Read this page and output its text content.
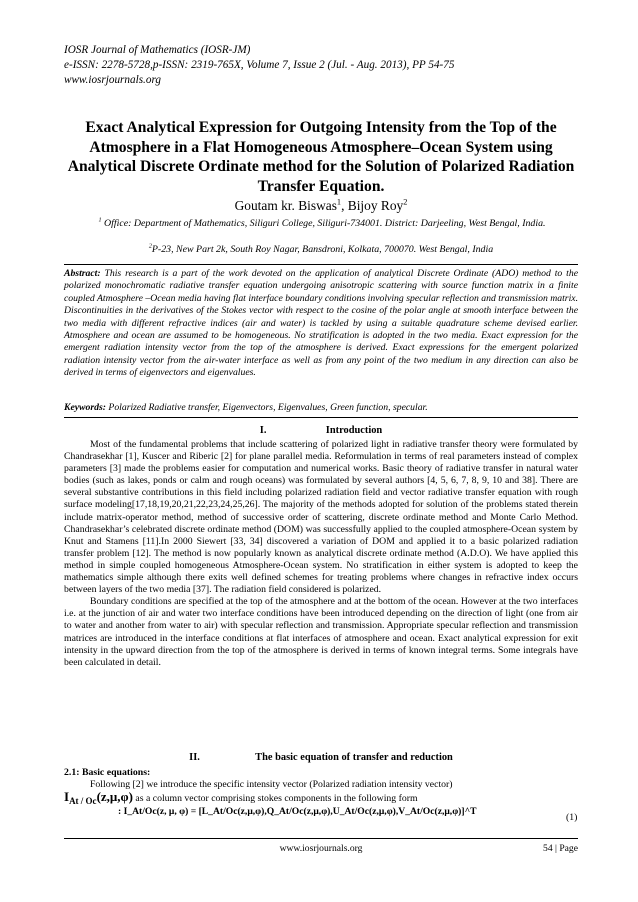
IOSR Journal of Mathematics (IOSR-JM)
e-ISSN: 2278-5728,p-ISSN: 2319-765X, Volume 7, Issue 2 (Jul. - Aug. 2013), PP 54-75
www.iosrjournals.org
Exact Analytical Expression for Outgoing Intensity from the Top of the Atmosphere in a Flat Homogeneous Atmosphere–Ocean System using Analytical Discrete Ordinate method for the Solution of Polarized Radiation Transfer Equation.
Goutam kr. Biswas$^1$, Bijoy Roy$^2$
$^1$ Office: Department of Mathematics, Siliguri College, Siliguri-734001. District: Darjeeling, West Bengal, India.
$^2$P-23, New Part 2k, South Roy Nagar, Bansdroni, Kolkata, 700070. West Bengal, India
Abstract: This research is a part of the work devoted on the application of analytical Discrete Ordinate (ADO) method to the polarized monochromatic radiative transfer equation undergoing anisotropic scattering with source function matrix in a finite coupled Atmosphere –Ocean media having flat interface boundary conditions involving specular reflection and transmission matrix. Discontinuities in the derivatives of the Stokes vector with respect to the cosine of the polar angle at smooth interface between the two media with different refractive indices (air and water) is tackled by using a suitable quadrature scheme devised earlier. Atmosphere and ocean are assumed to be homogeneous. No stratification is adopted in the two media. Exact expression for the emergent radiation intensity vector from the top of the atmosphere is derived. Exact expressions for the emergent polarized radiation intensity vector from the air-water interface as well as from any point of the two medium in any direction can also be derived in terms of eigenvectors and eigenvalues.
Keywords: Polarized Radiative transfer, Eigenvectors, Eigenvalues, Green function, specular.
I.	Introduction

Most of the fundamental problems that include scattering of polarized light in radiative transfer theory were formulated by Chandrasekhar [1], Kuscer and Riberic [2] for plane parallel media. Reformulation in terms of real parameters instead of complex parameters [3] made the problems easier for computation and numerical works. Basic theory of radiative transfer in natural water bodies (such as lakes, ponds or calm and rough oceans) was formulated by several authors [4, 5, 6, 7, 8, 9, 10 and 38]. There are several substantive contributions in this field including polarized radiation field and vector radiative transfer equation with rough surface modeling[17,18,19,20,21,22,23,24,25,26]. The majority of the methods adopted for solution of the problems stated therein include matrix-operator method, method of successive order of scattering, discrete ordinate method and Monte Carlo Method. Chandrasekhar’s celebrated discrete ordinate method (DOM) was successfully applied to the coupled atmosphere-Ocean system by Knut and Stamens [11].In 2000 Siewert [33, 34] discovered a variation of DOM and applied it to a basic polarized radiation transfer problem [12]. The method is now popularly known as analytical discrete ordinate method (A.D.O). We have applied this method in simple coupled homogeneous Atmosphere-Ocean system. No stratification in either system is adopted to keep the mathematics simple although there exits well defined schemes for treating problems where changes in refractive index occurs between layers of the two media [37]. The radiation field considered is polarized.

Boundary conditions are specified at the top of the atmosphere and at the bottom of the ocean. However at the two interfaces i.e. at the junction of air and water two interface conditions have been introduced depending on the direction of light (one from air to water and another from water to air) with specular reflection and transmission. Appropriate specular reflection and transmission matrices are introduced in the interface conditions at flat interfaces of atmosphere and ocean. Exact analytical expression for exit intensity in the upward direction from the top of the atmosphere is derived in terms of known integral terms. Some integrals have been calculated in detail.

II.	The basic equation of transfer and reduction
2.1: Basic equations:
Following [2] we introduce the specific intensity vector (Polarized radiation intensity vector)
IAt / Oc(z,μ,φ) as a column vector comprising stokes components in the following form
: I_At/Oc(z, μ, φ) = [L_At/Oc(z,μ,φ),Q_At/Oc(z,μ,φ),U_At/Oc(z,μ,φ),V_At/Oc(z,μ,φ)]^T
(1)
www.iosrjournals.org	54 | Page
